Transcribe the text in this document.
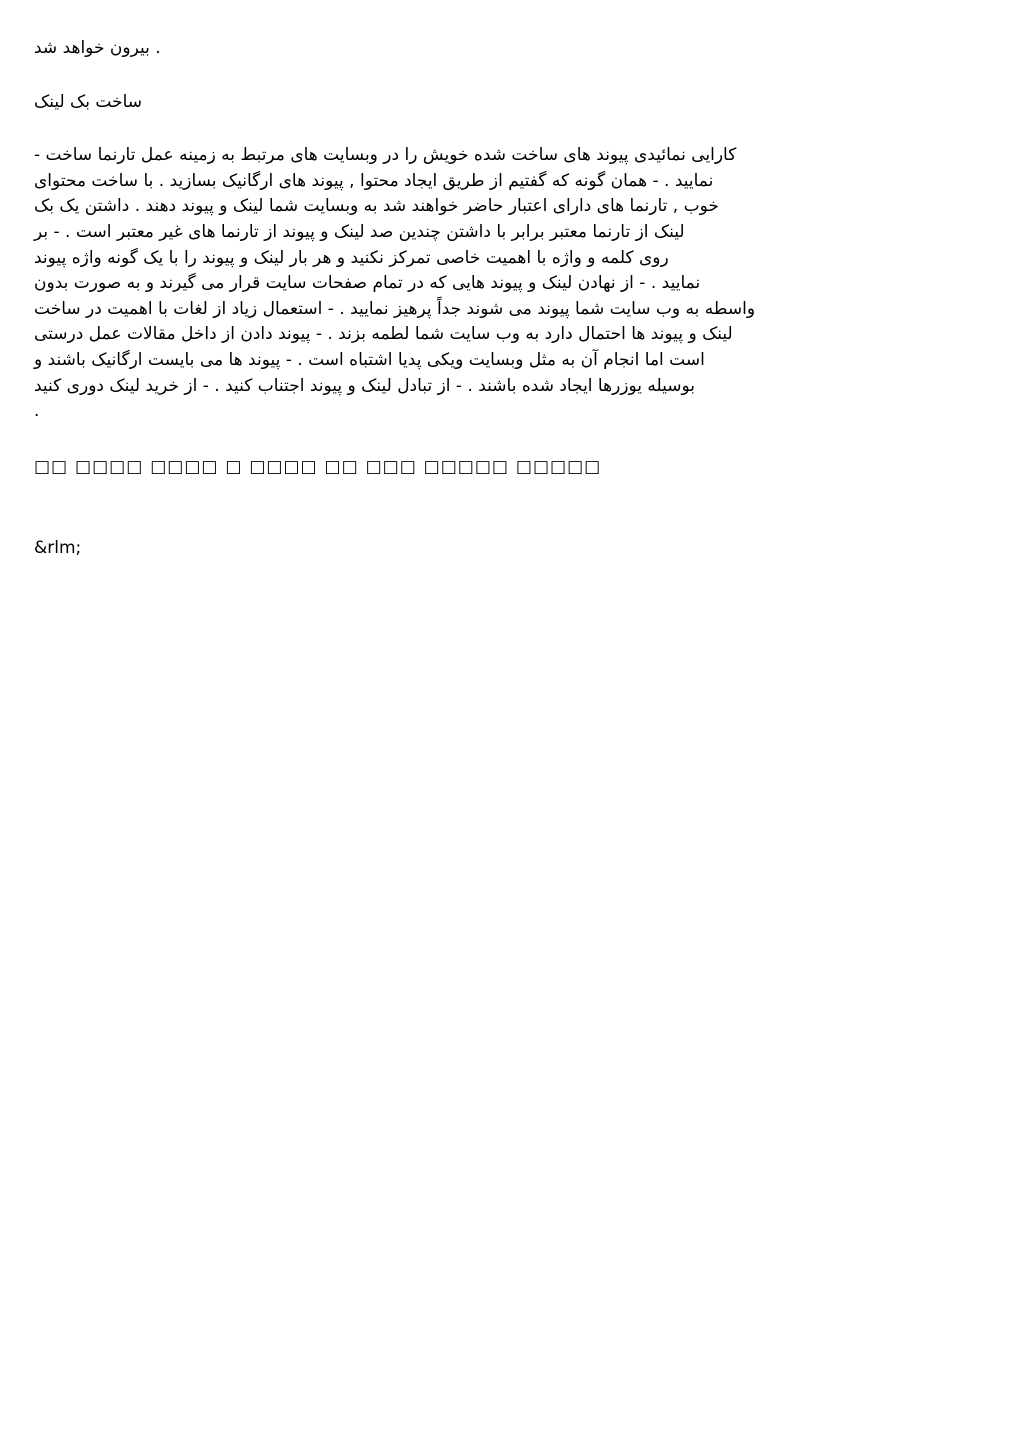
بیرون خواهد شد .

ساخت بک لینک

- کارایی نمائیدی پیوند های ساخت شده خویش را در وبسایت های مرتبط به زمینه عمل تارنما ساخت
نمایید . - همان گونه که گفتیم از طریق ایجاد محتوا , پیوند های ارگانیک بسازید . با ساخت محتوای
خوب , تارنما های دارای اعتبار حاضر خواهند شد به وبسایت شما لینک و پیوند دهند . داشتن یک بک
لینک از تارنما معتبر برابر با داشتن چندین صد لینک و پیوند از تارنما های غیر معتبر است . - بر
روی کلمه و واژه با اهمیت خاصی تمرکز نکنید و هر بار لینک و پیوند را با یک گونه واژه پیوند
نمایید . - از نهادن لینک و پیوند هایی که در تمام صفحات سایت قرار می گیرند و به صورت بدون
واسطه به وب سایت شما پیوند می شوند جداً پرهیز نمایید . - استعمال زیاد از لغات با اهمیت در ساخت
لینک و پیوند ها احتمال دارد به وب سایت شما لطمه بزند . - پیوند دادن از داخل مقالات عمل درستی
است اما انجام آن به مثل وبسایت ویکی پدیا اشتباه است . - پیوند ها می بایست ارگانیک باشند و
بوسیله یوزرها ایجاد شده باشند . - از تبادل لینک و پیوند اجتناب کنید . - از خرید لینک دوری کنید
.

□□ □□□□ □□□□ □ □□□□ □□ □□□ □□□□□ □□□□□

&rlm;
